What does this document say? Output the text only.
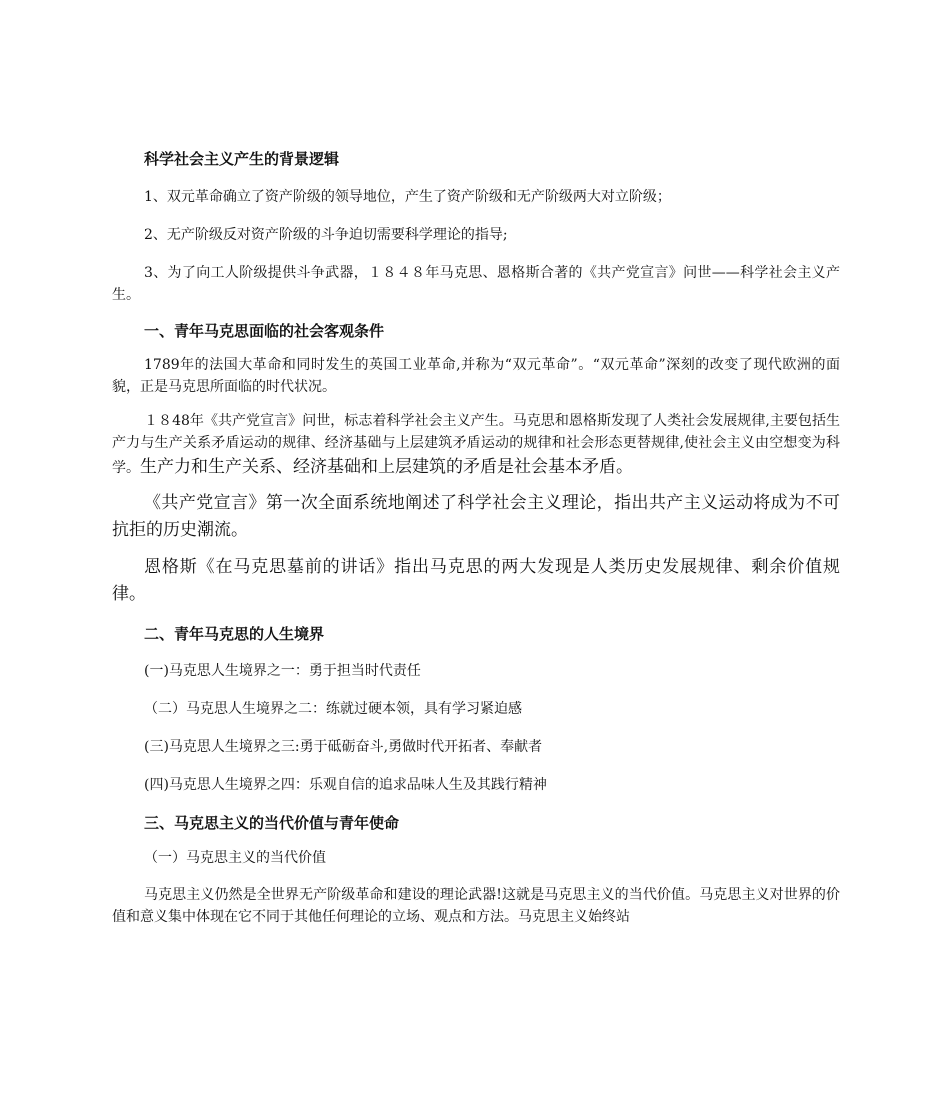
科学社会主义产生的背景逻辑

1、双元革命确立了资产阶级的领导地位，产生了资产阶级和无产阶级两大对立阶级；

2、无产阶级反对资产阶级的斗争迫切需要科学理论的指导;

3、为了向工人阶级提供斗争武器，１８４８年马克思、恩格斯合著的《共产党宣言》问世——科学社会主义产生。

一、青年马克思面临的社会客观条件

1789年的法国大革命和同时发生的英国工业革命,并称为“双元革命”。“双元革命”深刻的改变了现代欧洲的面貌，正是马克思所面临的时代状况。

１８48年《共产党宣言》问世，标志着科学社会主义产生。马克思和恩格斯发现了人类社会发展规律,主要包括生产力与生产关系矛盾运动的规律、经济基础与上层建筑矛盾运动的规律和社会形态更替规律,使社会主义由空想变为科学。生产力和生产关系、经济基础和上层建筑的矛盾是社会基本矛盾。

《共产党宣言》第一次全面系统地阐述了科学社会主义理论，指出共产主义运动将成为不可抗拒的历史潮流。

恩格斯《在马克思墓前的讲话》指出马克思的两大发现是人类历史发展规律、剩余价值规律。

二、青年马克思的人生境界

(一)马克思人生境界之一：勇于担当时代责任

（二）马克思人生境界之二：练就过硬本领，具有学习紧迫感

(三)马克思人生境界之三:勇于砥砺奋斗,勇做时代开拓者、奉献者

(四)马克思人生境界之四：乐观自信的追求品味人生及其践行精神

三、马克思主义的当代价值与青年使命

（一）马克思主义的当代价值

马克思主义仍然是全世界无产阶级革命和建设的理论武器!这就是马克思主义的当代价值。马克思主义对世界的价值和意义集中体现在它不同于其他任何理论的立场、观点和方法。马克思主义始终站
